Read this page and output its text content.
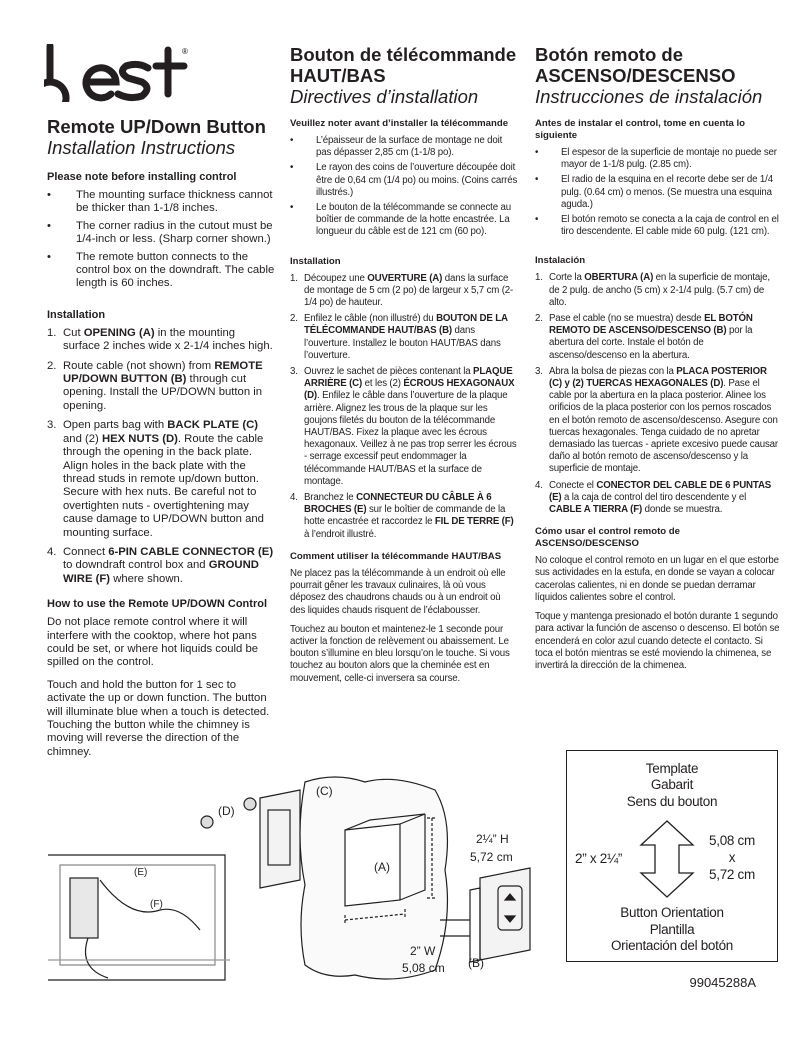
®
Remote UP/Down Button
Installation Instructions
Please note before installing control
• The mounting surface thickness cannot be thicker than 1-1/8 inches.
• The corner radius in the cutout must be 1/4-inch or less. (Sharp corner shown.)
• The remote button connects to the control box on the downdraft. The cable length is 60 inches.
Installation
1. Cut OPENING (A) in the mounting surface 2 inches wide x 2-1/4 inches high.
2. Route cable (not shown) from REMOTE UP/DOWN BUTTON (B) through cut opening. Install the UP/DOWN button in opening.
3. Open parts bag with BACK PLATE (C) and (2) HEX NUTS (D). Route the cable through the opening in the back plate. Align holes in the back plate with the thread studs in remote up/down button. Secure with hex nuts. Be careful not to overtighten nuts - overtightening may cause damage to UP/DOWN button and mounting surface.
4. Connect 6-PIN CABLE CONNECTOR (E) to downdraft control box and GROUND WIRE (F) where shown.
How to use the Remote UP/DOWN Control
Do not place remote control where it will interfere with the cooktop, where hot pans could be set, or where hot liquids could be spilled on the control.
Touch and hold the button for 1 sec to activate the up or down function. The button will illuminate blue when a touch is detected. Touching the button while the chimney is moving will reverse the direction of the chimney.
Bouton de télécommande HAUT/BAS
Directives d’installation
Veuillez noter avant d’installer la télécommande
• L’épaisseur de la surface de montage ne doit pas dépasser 2,85 cm (1-1/8 po).
• Le rayon des coins de l’ouverture découpée doit être de 0,64 cm (1/4 po) ou moins. (Coins carrés illustrés.)
• Le bouton de la télécommande se connecte au boîtier de commande de la hotte encastrée. La longueur du câble est de 121 cm (60 po).
Installation
1. Découpez une OUVERTURE (A) dans la surface de montage de 5 cm (2 po) de largeur x 5,7 cm (2-1/4 po) de hauteur.
2. Enfilez le câble (non illustré) du BOUTON DE LA TÉLÉCOMMANDE HAUT/BAS (B) dans l’ouverture. Installez le bouton HAUT/BAS dans l’ouverture.
3. Ouvrez le sachet de pièces contenant la PLAQUE ARRIÈRE (C) et les (2) ÉCROUS HEXAGONAUX (D). Enfilez le câble dans l’ouverture de la plaque arrière. Alignez les trous de la plaque sur les goujons filetés du bouton de la télécommande HAUT/BAS. Fixez la plaque avec les écrous hexagonaux. Veillez à ne pas trop serrer les écrous - serrage excessif peut endommager la télécommande HAUT/BAS et la surface de montage.
4. Branchez le CONNECTEUR DU CÂBLE À 6 BROCHES (E) sur le boîtier de commande de la hotte encastrée et raccordez le FIL DE TERRE (F) à l’endroit illustré.
Comment utiliser la télécommande HAUT/BAS
Ne placez pas la télécommande à un endroit où elle pourrait gêner les travaux culinaires, là où vous déposez des chaudrons chauds ou à un endroit où des liquides chauds risquent de l’éclabousser.
Touchez au bouton et maintenez-le 1 seconde pour activer la fonction de relèvement ou abaissement. Le bouton s’illumine en bleu lorsqu’on le touche. Si vous touchez au bouton alors que la cheminée est en mouvement, celle-ci inversera sa course.
Botón remoto de ASCENSO/DESCENSO
Instrucciones de instalación
Antes de instalar el control, tome en cuenta lo siguiente
• El espesor de la superficie de montaje no puede ser mayor de 1-1/8 pulg. (2.85 cm).
• El radio de la esquina en el recorte debe ser de 1/4 pulg. (0.64 cm) o menos. (Se muestra una esquina aguda.)
• El botón remoto se conecta a la caja de control en el tiro descendente. El cable mide 60 pulg. (121 cm).
Instalación
1. Corte la OBERTURA (A) en la superficie de montaje, de 2 pulg. de ancho (5 cm) x 2-1/4 pulg. (5.7 cm) de alto.
2. Pase el cable (no se muestra) desde EL BOTÓN REMOTO DE ASCENSO/DESCENSO (B) por la abertura del corte. Instale el botón de ascenso/descenso en la abertura.
3. Abra la bolsa de piezas con la PLACA POSTERIOR (C) y (2) TUERCAS HEXAGONALES (D). Pase el cable por la abertura en la placa posterior. Alinee los orificios de la placa posterior con los pernos roscados en el botón remoto de ascenso/descenso. Asegure con tuercas hexagonales. Tenga cuidado de no apretar demasiado las tuercas - apriete excesivo puede causar daño al botón remoto de ascenso/descenso y la superficie de montaje.
4. Conecte el CONECTOR DEL CABLE DE 6 PUNTAS (E) a la caja de control del tiro descendente y el CABLE A TIERRA (F) donde se muestra.
Cómo usar el control remoto de ASCENSO/DESCENSO
No coloque el control remoto en un lugar en el que estorbe sus actividades en la estufa, en donde se vayan a colocar cacerolas calientes, ni en donde se puedan derramar líquidos calientes sobre el control.
Toque y mantenga presionado el botón durante 1 segundo para activar la función de ascenso o descenso. El botón se encenderá en color azul cuando detecte el contacto. Si toca el botón mientras se esté moviendo la chimenea, se invertirá la dirección de la chimenea.
(C)
(D)
(A)
(B)
(E)
(F)
2¼” H
5,72 cm
2” W
5,08 cm
Template
Gabarit
Sens du bouton
2” x 2¼”
5,08 cm
x
5,72 cm
Button Orientation
Plantilla
Orientación del botón
99045288A
